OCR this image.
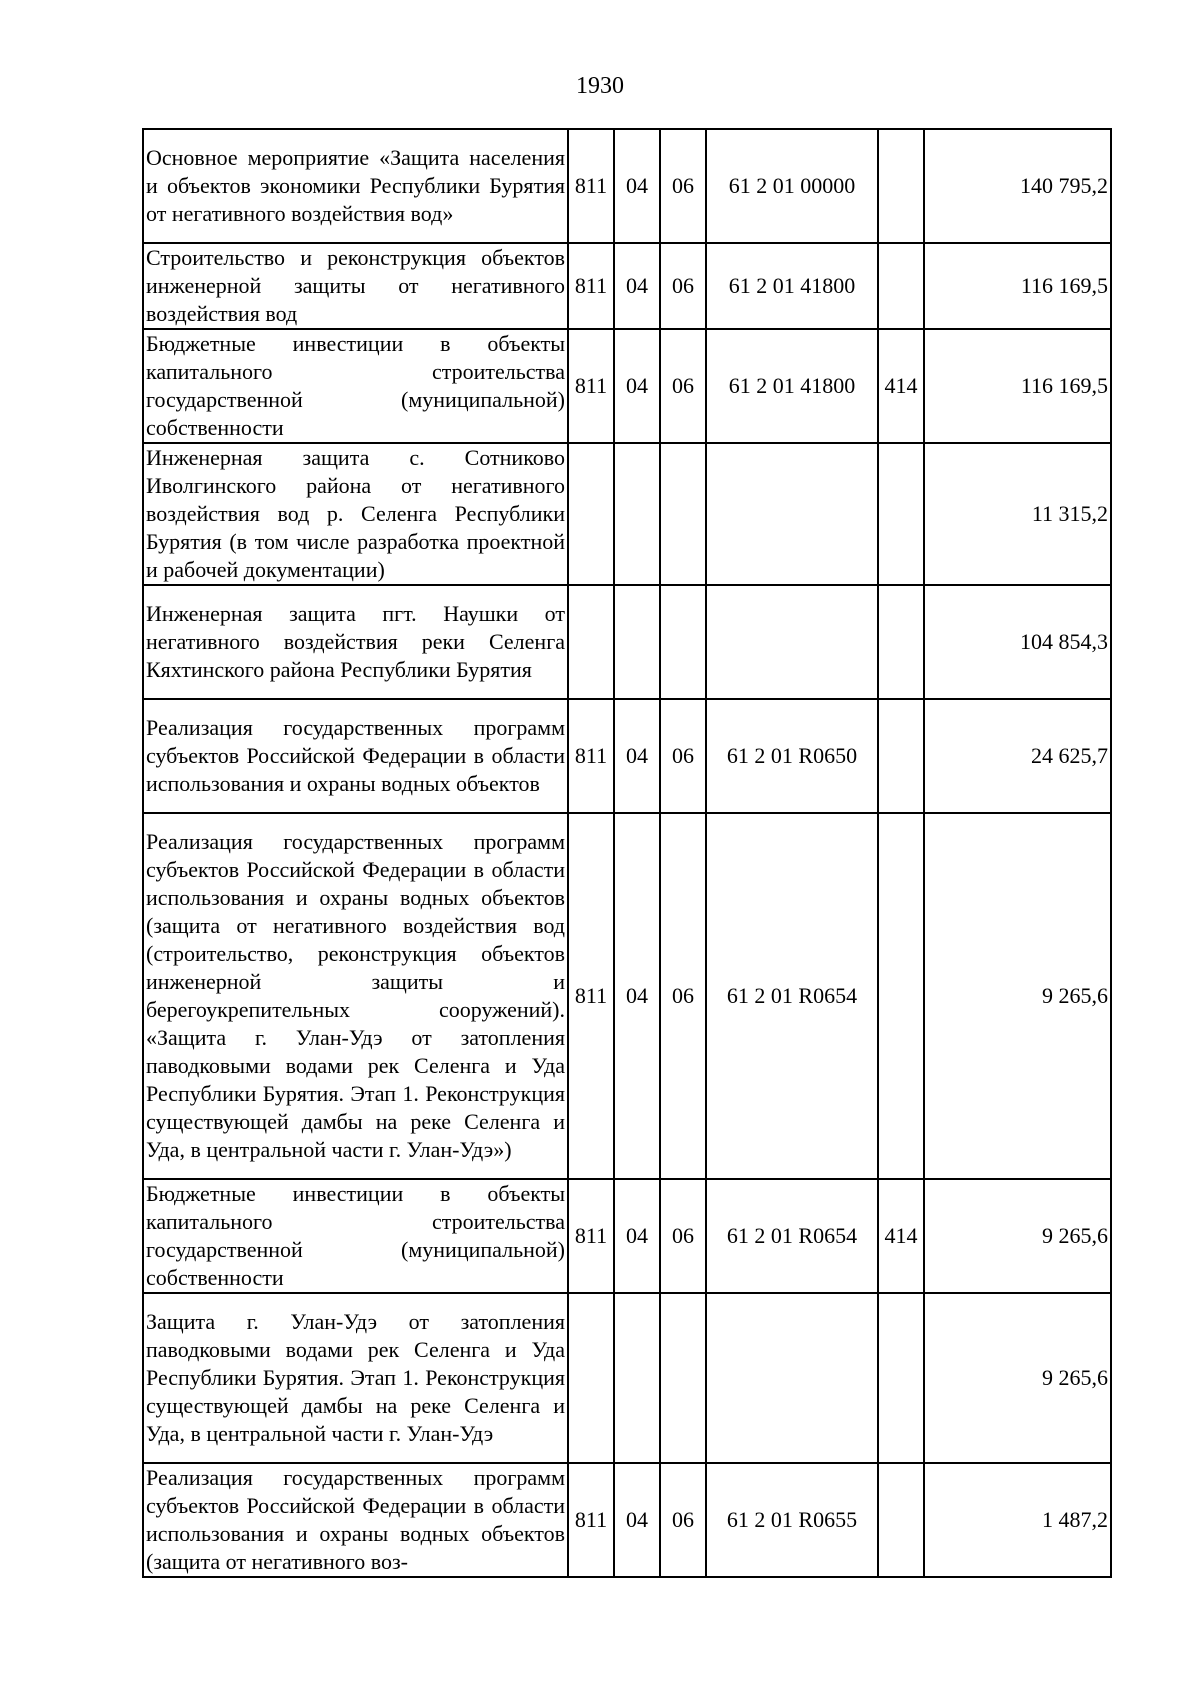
1930
Основное мероприятие «Защита населения и объектов экономики Республики Бурятия от негативного воздействия вод»	811	04	06	61 2 01 00000		140 795,2
Строительство и реконструкция объектов инженерной защиты от негативного воздействия вод	811	04	06	61 2 01 41800		116 169,5
Бюджетные инвестиции в объекты капитального строительства государственной (муниципальной) собственности	811	04	06	61 2 01 41800	414	116 169,5
Инженерная защита с. Сотниково Иволгинского района от негативного воздействия вод р. Селенга Республики Бурятия (в том числе разработка проектной и рабочей документации)						11 315,2
Инженерная защита пгт. Наушки от негативного воздействия реки Селенга Кяхтинского района Республики Бурятия						104 854,3
Реализация государственных программ субъектов Российской Федерации в области использования и охраны водных объектов	811	04	06	61 2 01 R0650		24 625,7
Реализация государственных программ субъектов Российской Федерации в области использования и охраны водных объектов (защита от негативного воздействия вод (строительство, реконструкция объектов инженерной защиты и берегоукрепительных сооружений). «Защита г. Улан-Удэ от затопления паводковыми водами рек Селенга и Уда Республики Бурятия. Этап 1. Реконструкция существующей дамбы на реке Селенга и Уда, в центральной части г. Улан-Удэ»)	811	04	06	61 2 01 R0654		9 265,6
Бюджетные инвестиции в объекты капитального строительства государственной (муниципальной) собственности	811	04	06	61 2 01 R0654	414	9 265,6
Защита г. Улан-Удэ от затопления паводковыми водами рек Селенга и Уда Республики Бурятия. Этап 1. Реконструкция существующей дамбы на реке Селенга и Уда, в центральной части г. Улан-Удэ						9 265,6
Реализация государственных программ субъектов Российской Федерации в области использования и охраны водных объектов (защита от негативного воз-	811	04	06	61 2 01 R0655		1 487,2
